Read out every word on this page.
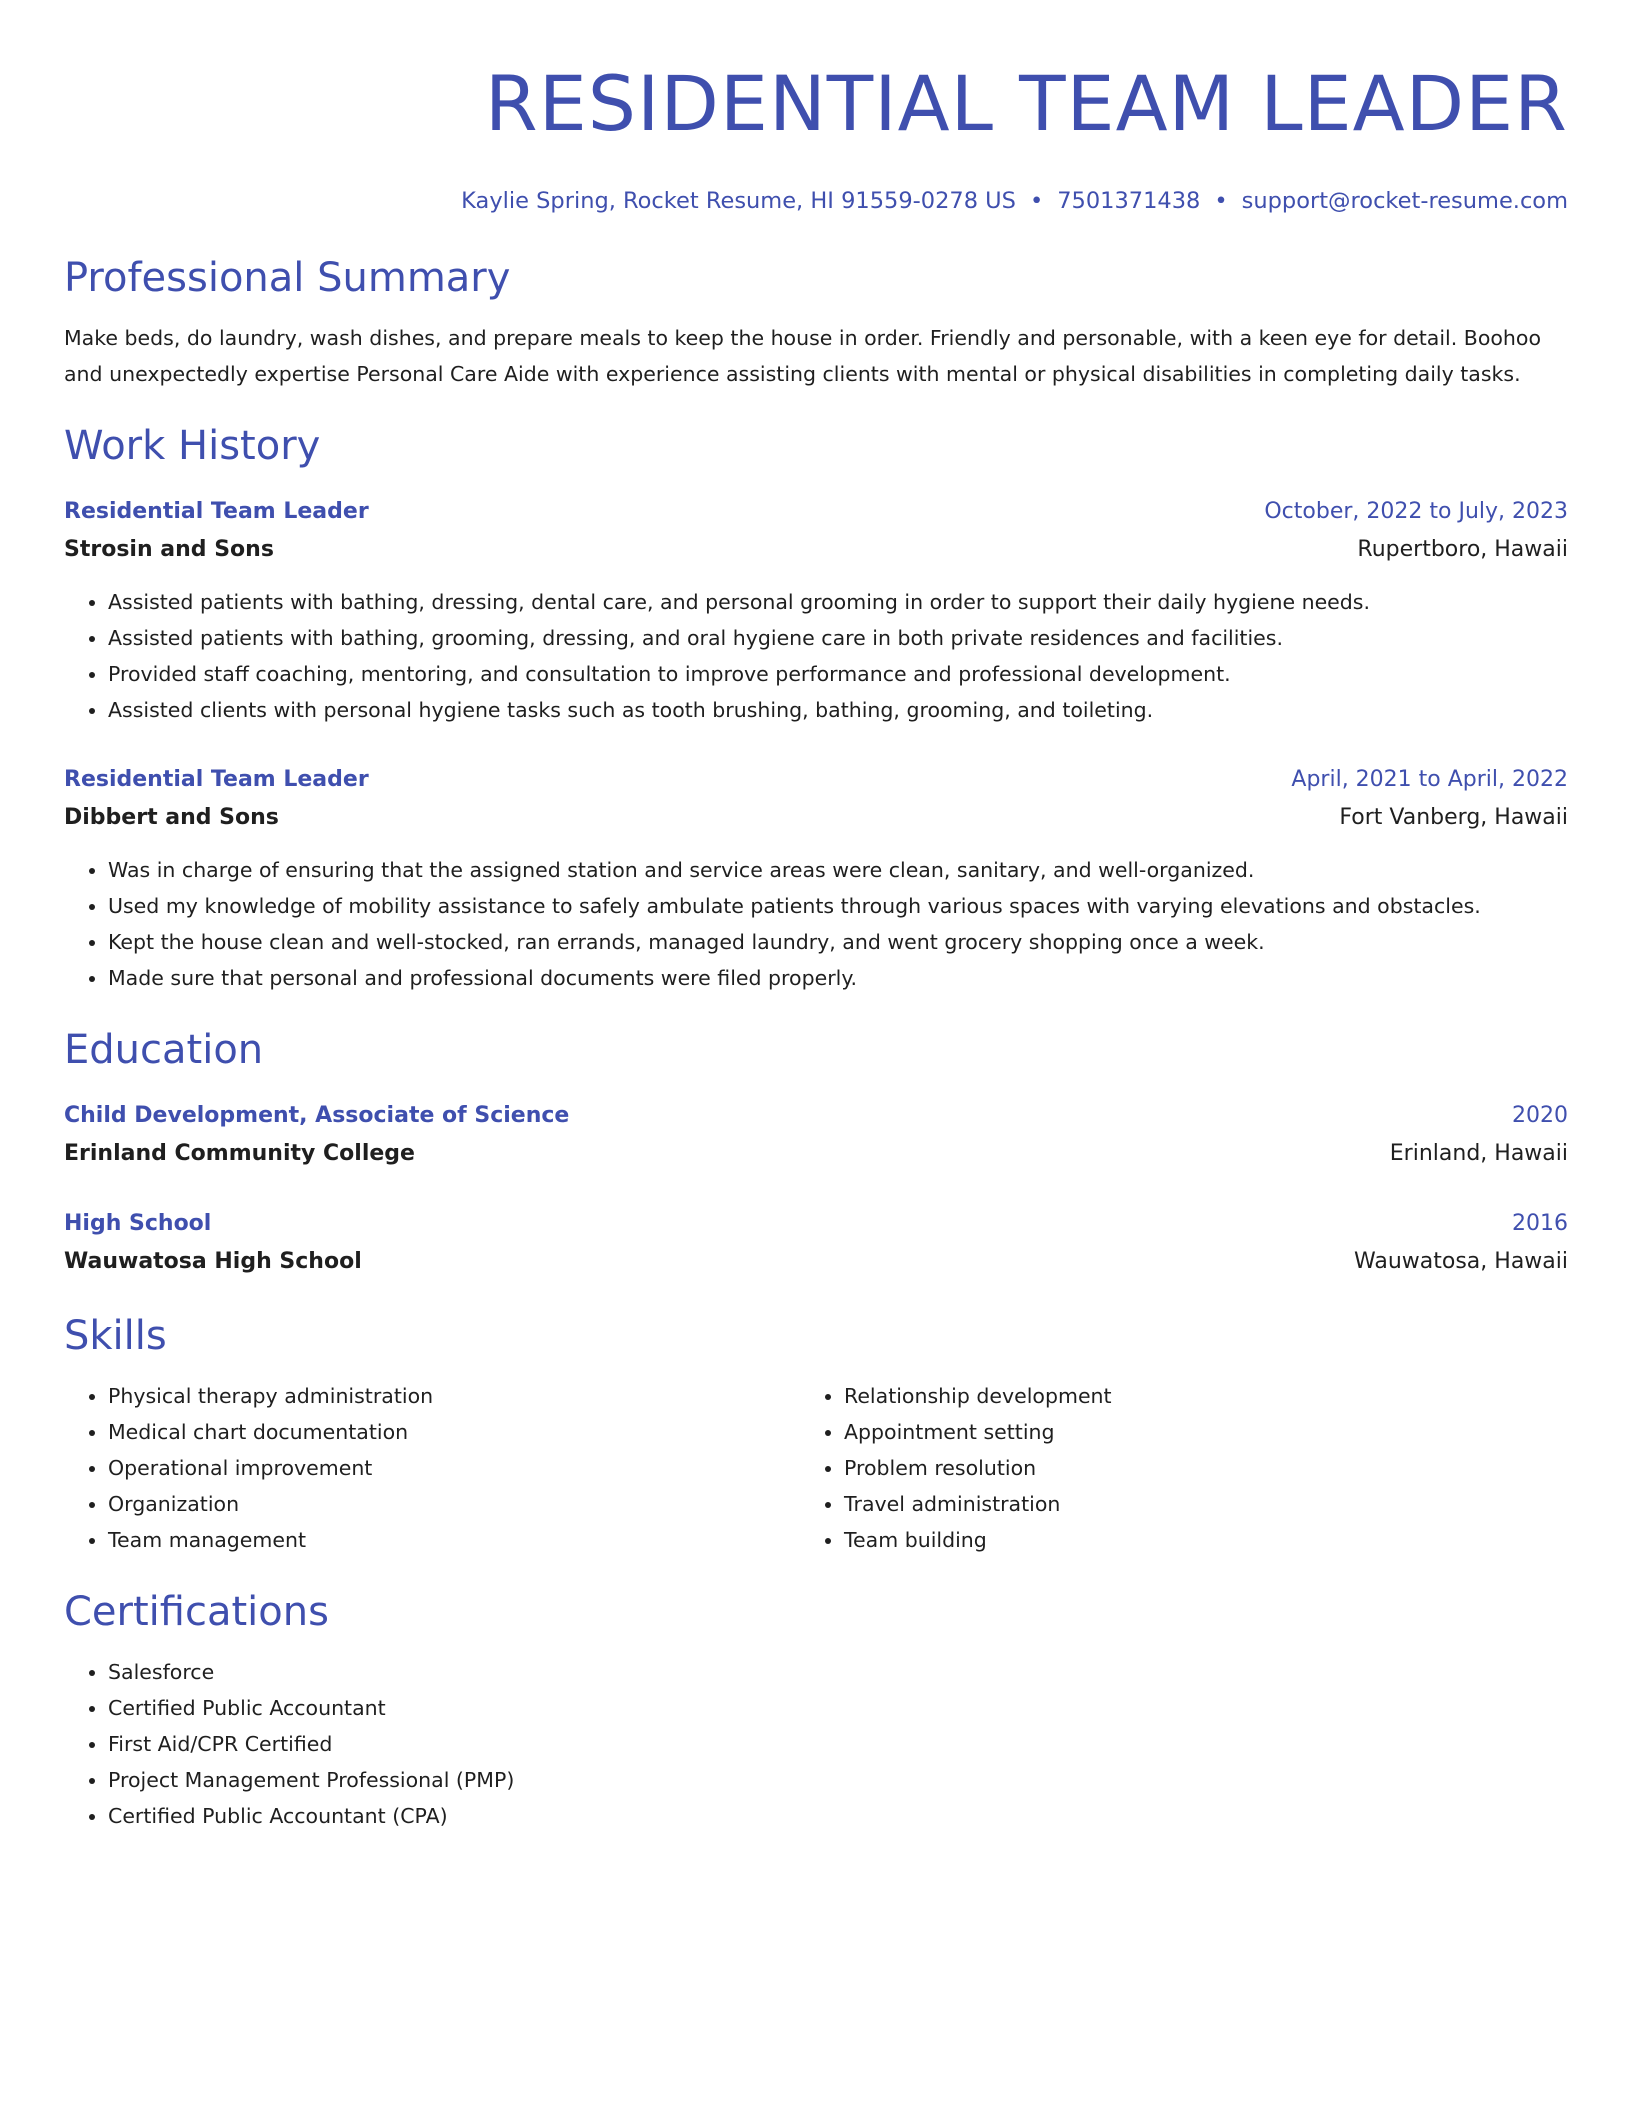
RESIDENTIAL TEAM LEADER
Kaylie Spring, Rocket Resume, HI 91559-0278 US • 7501371438 • support@rocket-resume.com
Professional Summary

Make beds, do laundry, wash dishes, and prepare meals to keep the house in order. Friendly and personable, with a keen eye for detail. Boohoo and unexpectedly expertise Personal Care Aide with experience assisting clients with mental or physical disabilities in completing daily tasks.

Work History
Residential Team Leader	October, 2022 to July, 2023
Strosin and Sons	Rupertboro, Hawaii
• Assisted patients with bathing, dressing, dental care, and personal grooming in order to support their daily hygiene needs.
• Assisted patients with bathing, grooming, dressing, and oral hygiene care in both private residences and facilities.
• Provided staff coaching, mentoring, and consultation to improve performance and professional development.
• Assisted clients with personal hygiene tasks such as tooth brushing, bathing, grooming, and toileting.
Residential Team Leader	April, 2021 to April, 2022
Dibbert and Sons	Fort Vanberg, Hawaii
• Was in charge of ensuring that the assigned station and service areas were clean, sanitary, and well-organized.
• Used my knowledge of mobility assistance to safely ambulate patients through various spaces with varying elevations and obstacles.
• Kept the house clean and well-stocked, ran errands, managed laundry, and went grocery shopping once a week.
• Made sure that personal and professional documents were filed properly.
Education
Child Development, Associate of Science	2020
Erinland Community College	Erinland, Hawaii
High School	2016
Wauwatosa High School	Wauwatosa, Hawaii
Skills
• Physical therapy administration
• Medical chart documentation
• Operational improvement
• Organization
• Team management
• Relationship development
• Appointment setting
• Problem resolution
• Travel administration
• Team building
Certifications
• Salesforce
• Certified Public Accountant
• First Aid/CPR Certified
• Project Management Professional (PMP)
• Certified Public Accountant (CPA)
